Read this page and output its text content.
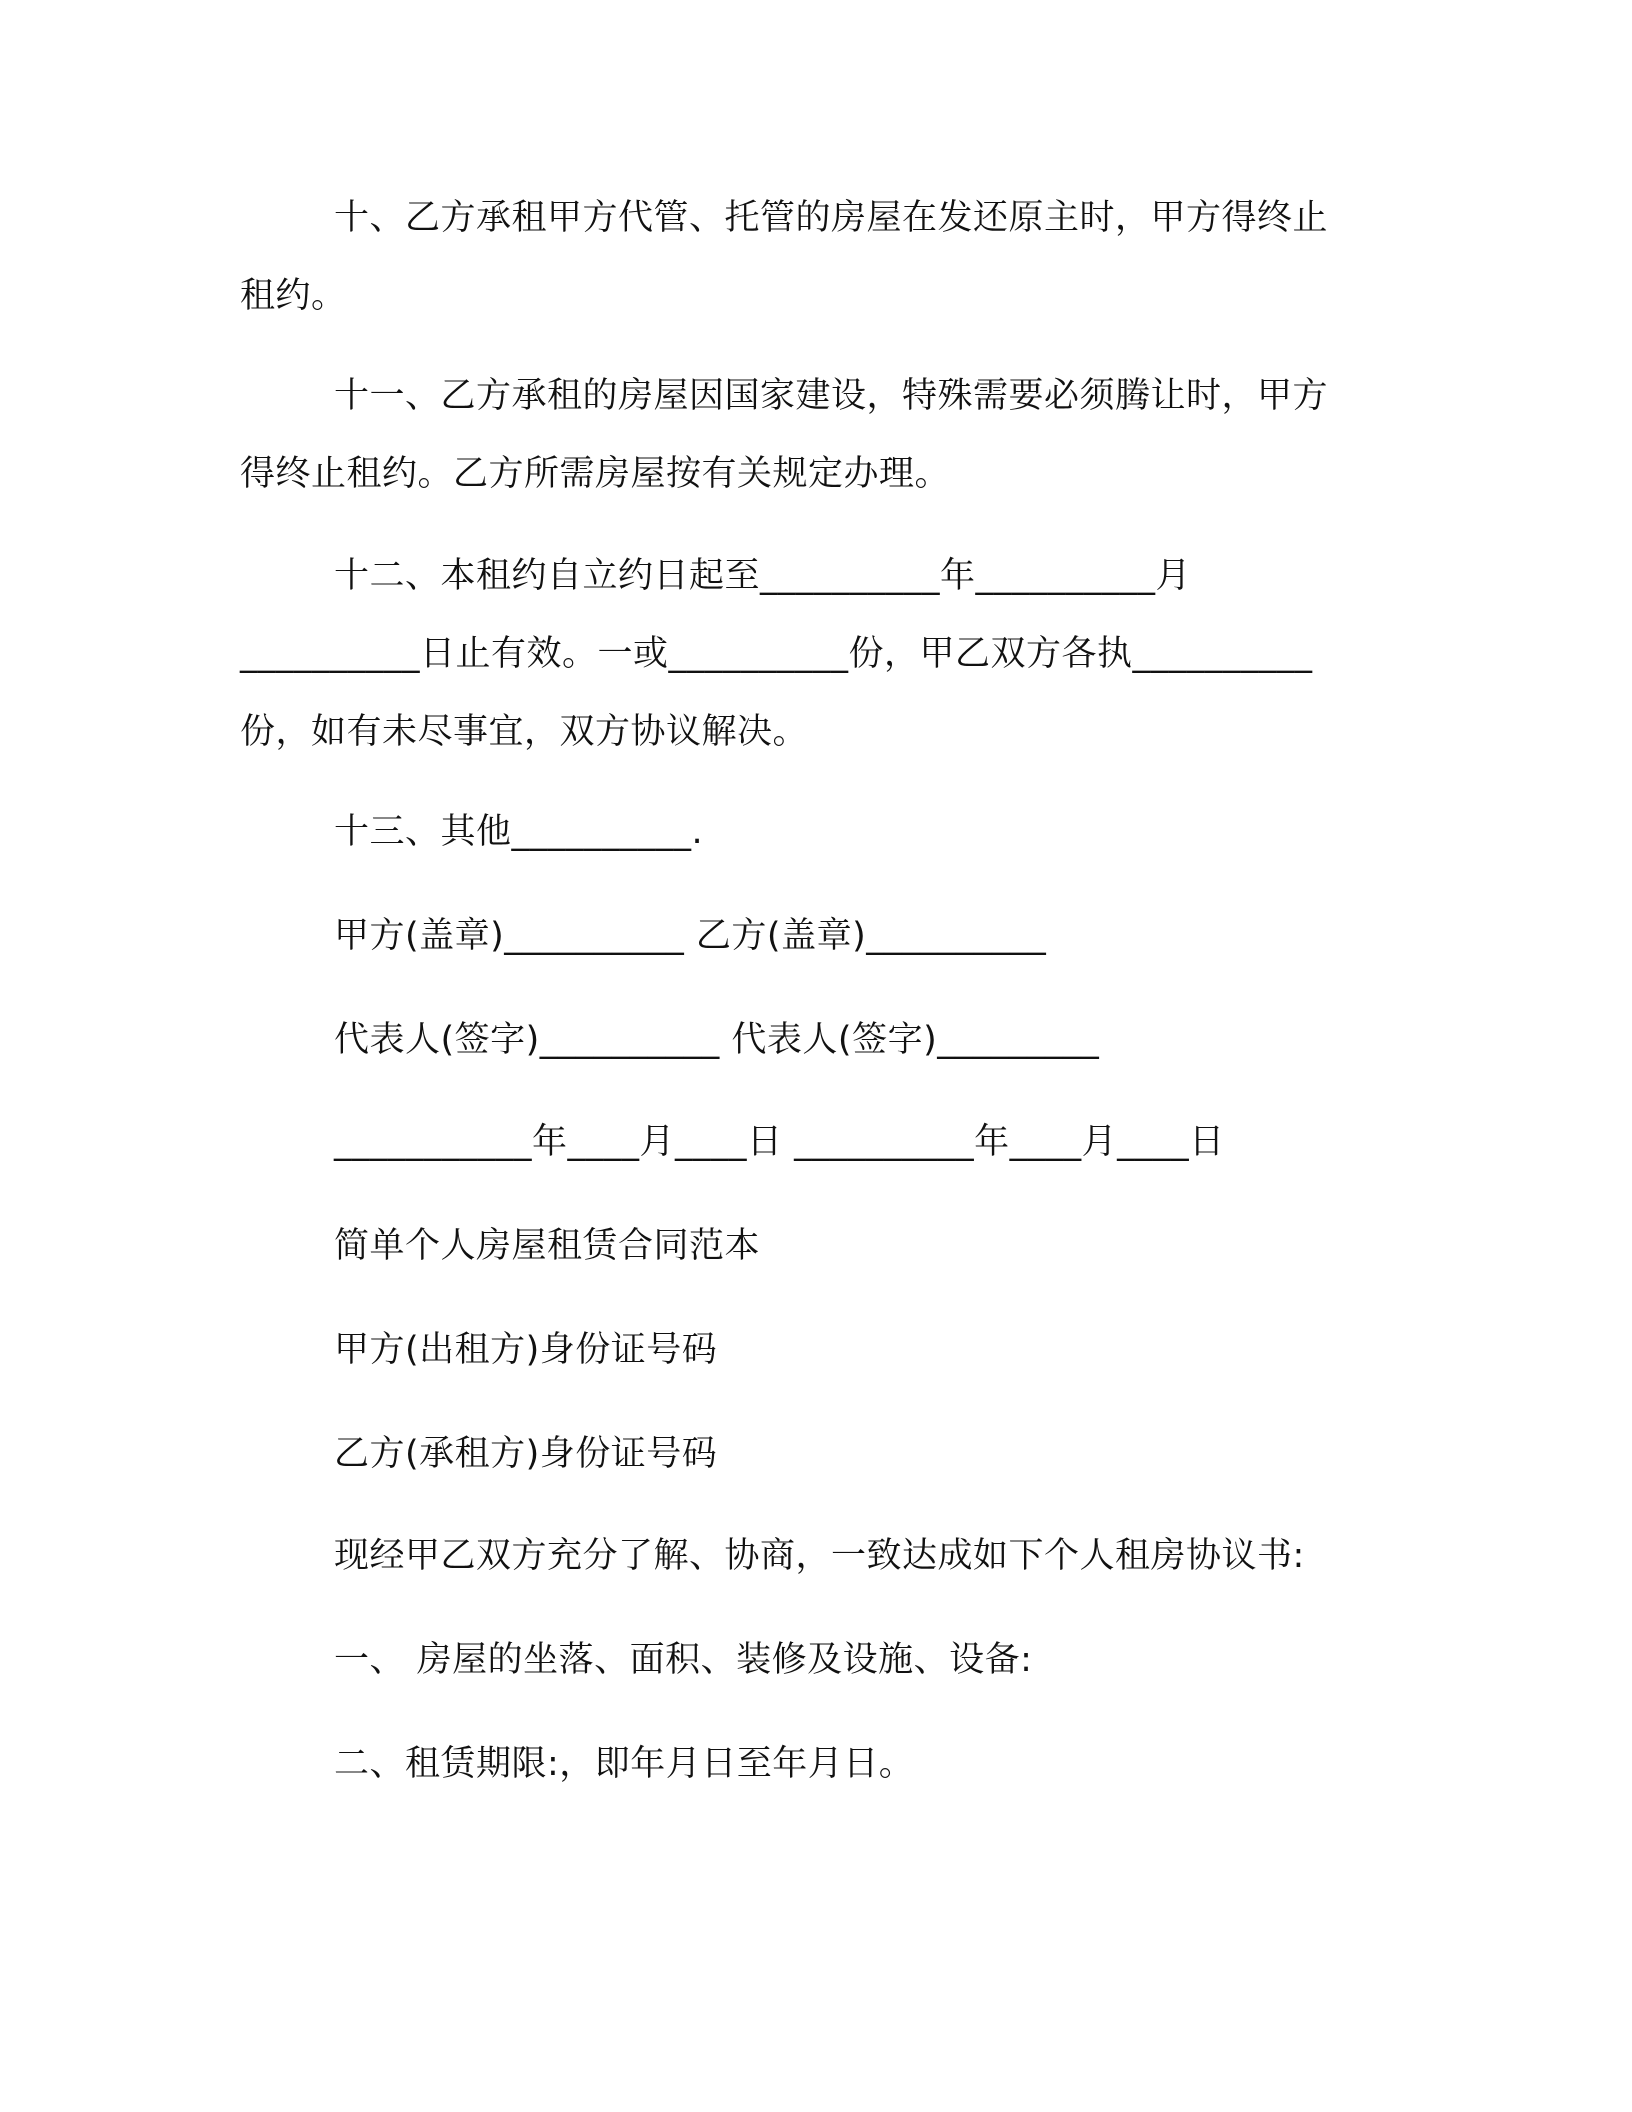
十、乙方承租甲方代管、托管的房屋在发还原主时，甲方得终止
租约。
十一、乙方承租的房屋因国家建设，特殊需要必须腾让时，甲方
得终止租约。乙方所需房屋按有关规定办理。
十二、本租约自立约日起至__________年__________月
__________日止有效。一或__________份，甲乙双方各执__________
份，如有未尽事宜，双方协议解决。
十三、其他__________.
甲方(盖章)__________ 乙方(盖章)__________
代表人(签字)__________ 代表人(签字)_________
___________年____月____日 __________年____月____日
简单个人房屋租赁合同范本
甲方(出租方)身份证号码
乙方(承租方)身份证号码
现经甲乙双方充分了解、协商，一致达成如下个人租房协议书:
一、 房屋的坐落、面积、装修及设施、设备:
二、租赁期限:，即年月日至年月日。
